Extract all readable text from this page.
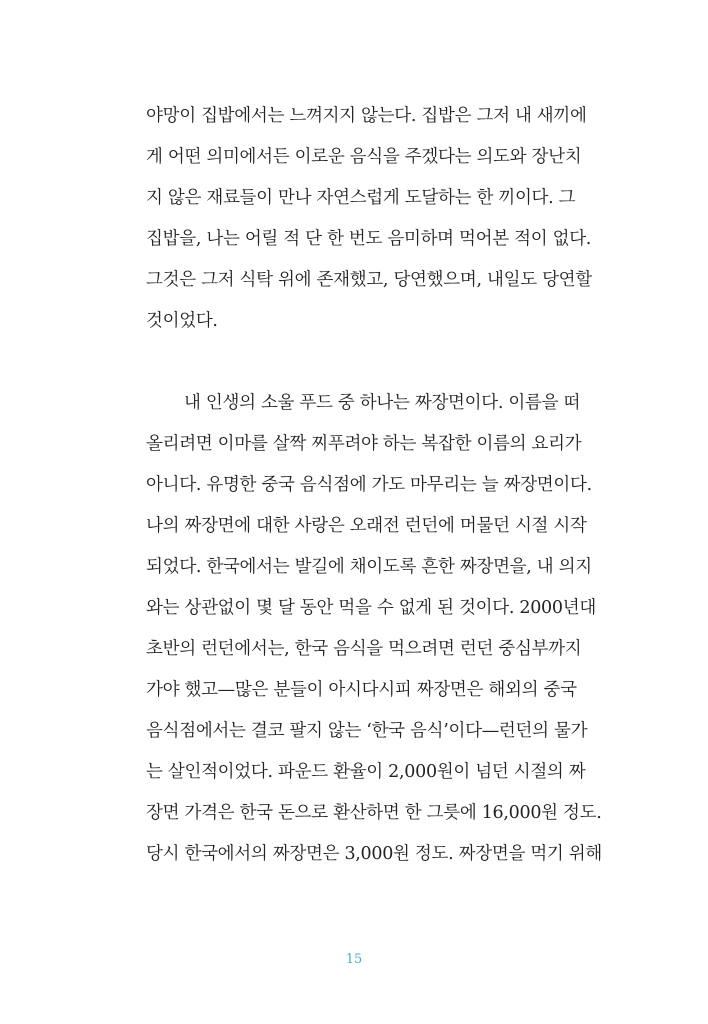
야망이 집밥에서는 느껴지지 않는다. 집밥은 그저 내 새끼에
게 어떤 의미에서든 이로운 음식을 주겠다는 의도와 장난치
지 않은 재료들이 만나 자연스럽게 도달하는 한 끼이다. 그
집밥을, 나는 어릴 적 단 한 번도 음미하며 먹어본 적이 없다.
그것은 그저 식탁 위에 존재했고, 당연했으며, 내일도 당연할
것이었다.
내 인생의 소울 푸드 중 하나는 짜장면이다. 이름을 떠
올리려면 이마를 살짝 찌푸려야 하는 복잡한 이름의 요리가
아니다. 유명한 중국 음식점에 가도 마무리는 늘 짜장면이다.
나의 짜장면에 대한 사랑은 오래전 런던에 머물던 시절 시작
되었다. 한국에서는 발길에 채이도록 흔한 짜장면을, 내 의지
와는 상관없이 몇 달 동안 먹을 수 없게 된 것이다. 2000년대
초반의 런던에서는, 한국 음식을 먹으려면 런던 중심부까지
가야 했고—많은 분들이 아시다시피 짜장면은 해외의 중국
음식점에서는 결코 팔지 않는 ‘한국 음식’이다—런던의 물가
는 살인적이었다. 파운드 환율이 2,000원이 넘던 시절의 짜
장면 가격은 한국 돈으로 환산하면 한 그릇에 16,000원 정도.
당시 한국에서의 짜장면은 3,000원 정도. 짜장면을 먹기 위해
15
